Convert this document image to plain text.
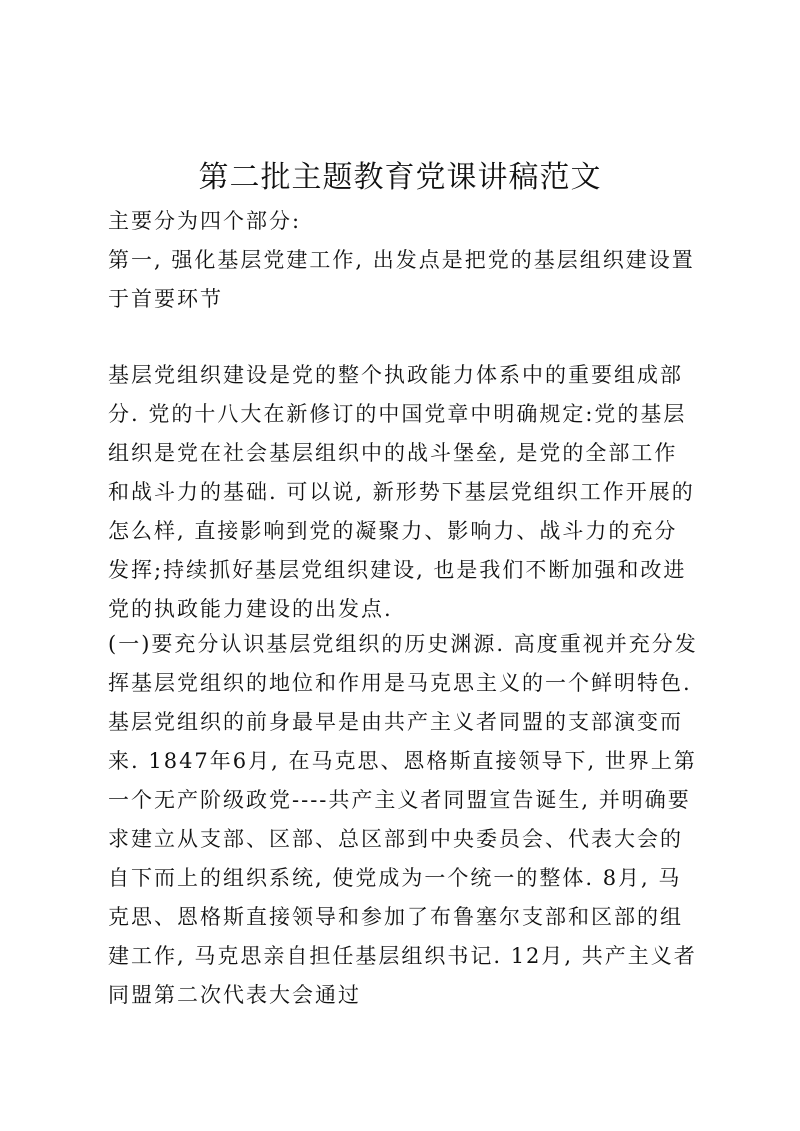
第二批主题教育党课讲稿范文

主要分为四个部分:

第一, 强化基层党建工作, 出发点是把党的基层组织建设置于首要环节

基层党组织建设是党的整个执政能力体系中的重要组成部分. 党的十八大在新修订的中国党章中明确规定:党的基层组织是党在社会基层组织中的战斗堡垒, 是党的全部工作和战斗力的基础. 可以说, 新形势下基层党组织工作开展的怎么样, 直接影响到党的凝聚力、影响力、战斗力的充分发挥;持续抓好基层党组织建设, 也是我们不断加强和改进党的执政能力建设的出发点.

(一)要充分认识基层党组织的历史渊源. 高度重视并充分发挥基层党组织的地位和作用是马克思主义的一个鲜明特色. 基层党组织的前身最早是由共产主义者同盟的支部演变而来. 1847年6月, 在马克思、恩格斯直接领导下, 世界上第一个无产阶级政党----共产主义者同盟宣告诞生, 并明确要求建立从支部、区部、总区部到中央委员会、代表大会的自下而上的组织系统, 使党成为一个统一的整体. 8月, 马克思、恩格斯直接领导和参加了布鲁塞尔支部和区部的组建工作, 马克思亲自担任基层组织书记. 12月, 共产主义者同盟第二次代表大会通过
